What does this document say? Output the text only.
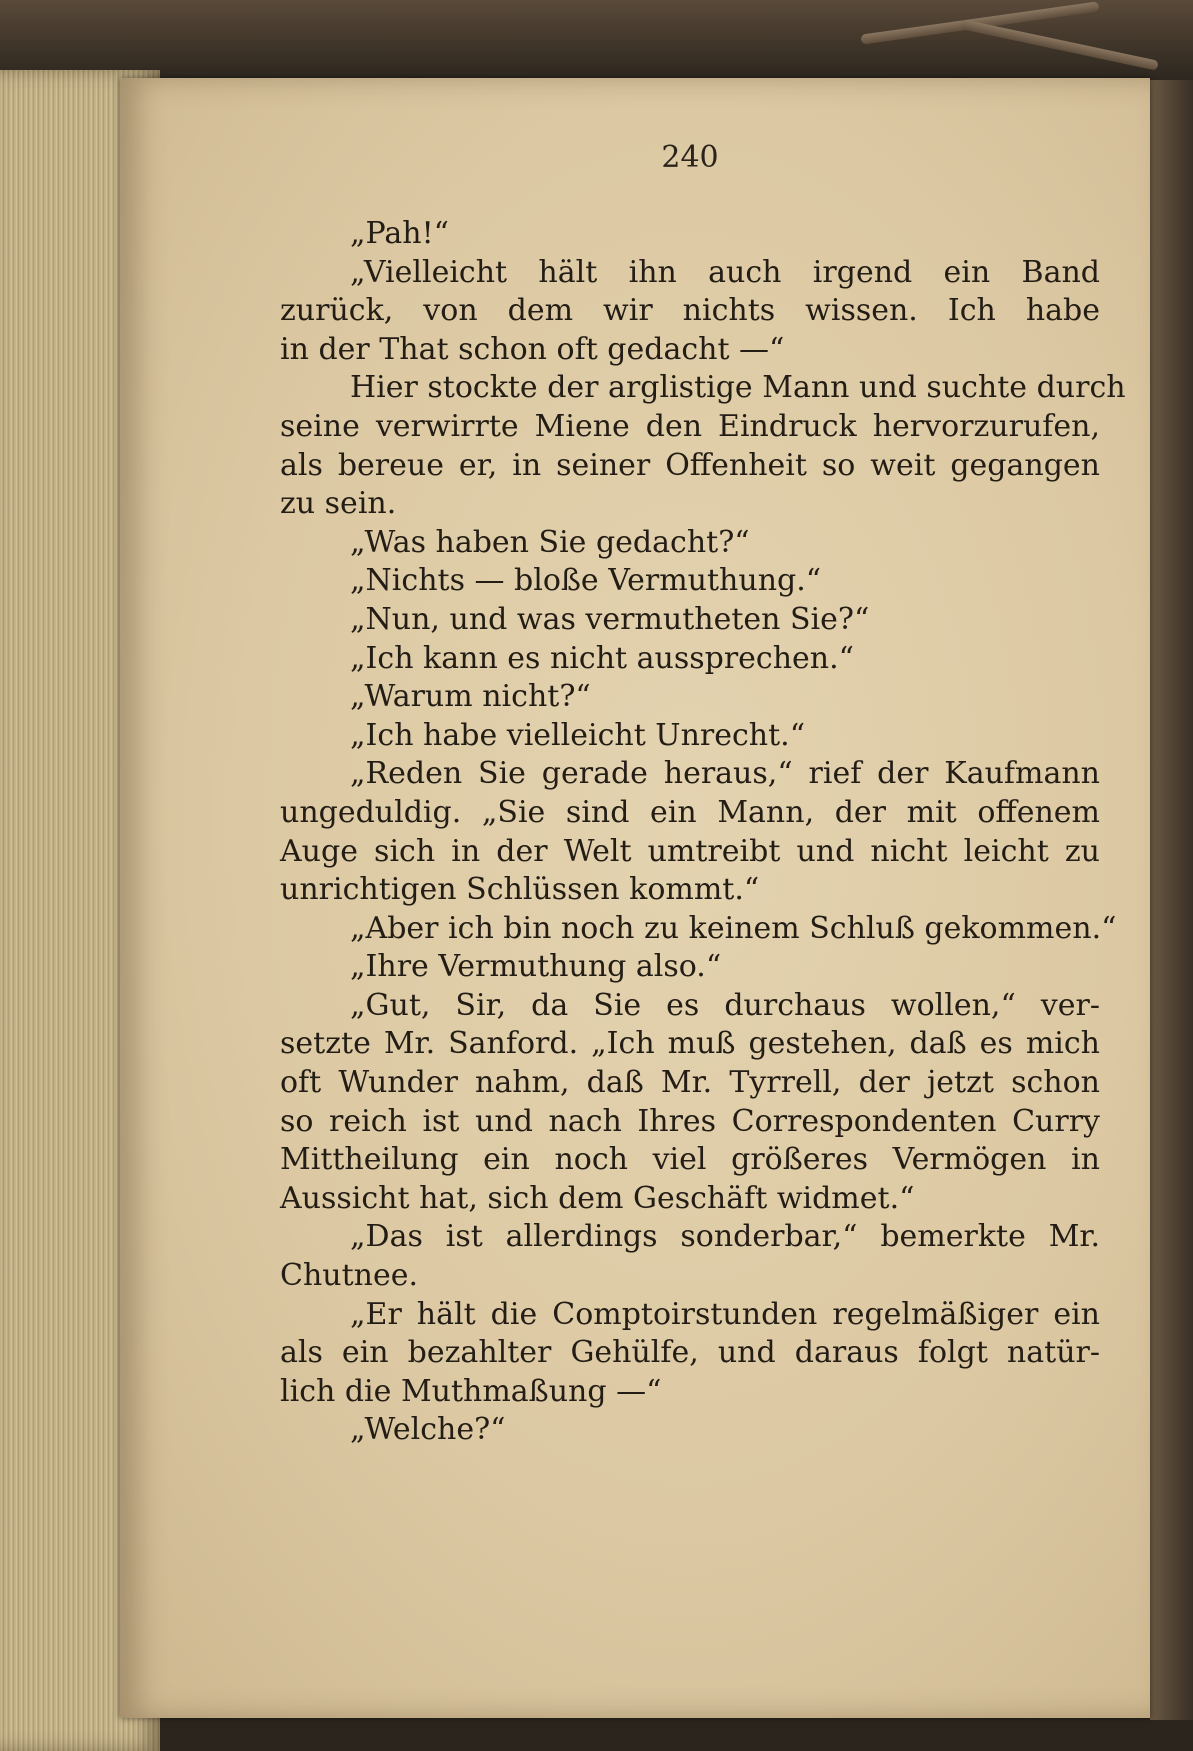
240
„Pah!“
„Vielleicht hält ihn auch irgend ein Band
zurück, von dem wir nichts wissen. Ich habe
in der That schon oft gedacht —“
Hier stockte der arglistige Mann und suchte durch
seine verwirrte Miene den Eindruck hervorzurufen,
als bereue er, in seiner Offenheit so weit gegangen
zu sein.
„Was haben Sie gedacht?“
„Nichts — bloße Vermuthung.“
„Nun, und was vermutheten Sie?“
„Ich kann es nicht aussprechen.“
„Warum nicht?“
„Ich habe vielleicht Unrecht.“
„Reden Sie gerade heraus,“ rief der Kaufmann
ungeduldig. „Sie sind ein Mann, der mit offenem
Auge sich in der Welt umtreibt und nicht leicht zu
unrichtigen Schlüssen kommt.“
„Aber ich bin noch zu keinem Schluß gekommen.“
„Ihre Vermuthung also.“
„Gut, Sir, da Sie es durchaus wollen,“ ver-
setzte Mr. Sanford. „Ich muß gestehen, daß es mich
oft Wunder nahm, daß Mr. Tyrrell, der jetzt schon
so reich ist und nach Ihres Correspondenten Curry
Mittheilung ein noch viel größeres Vermögen in
Aussicht hat, sich dem Geschäft widmet.“
„Das ist allerdings sonderbar,“ bemerkte Mr.
Chutnee.
„Er hält die Comptoirstunden regelmäßiger ein
als ein bezahlter Gehülfe, und daraus folgt natür-
lich die Muthmaßung —“
„Welche?“
